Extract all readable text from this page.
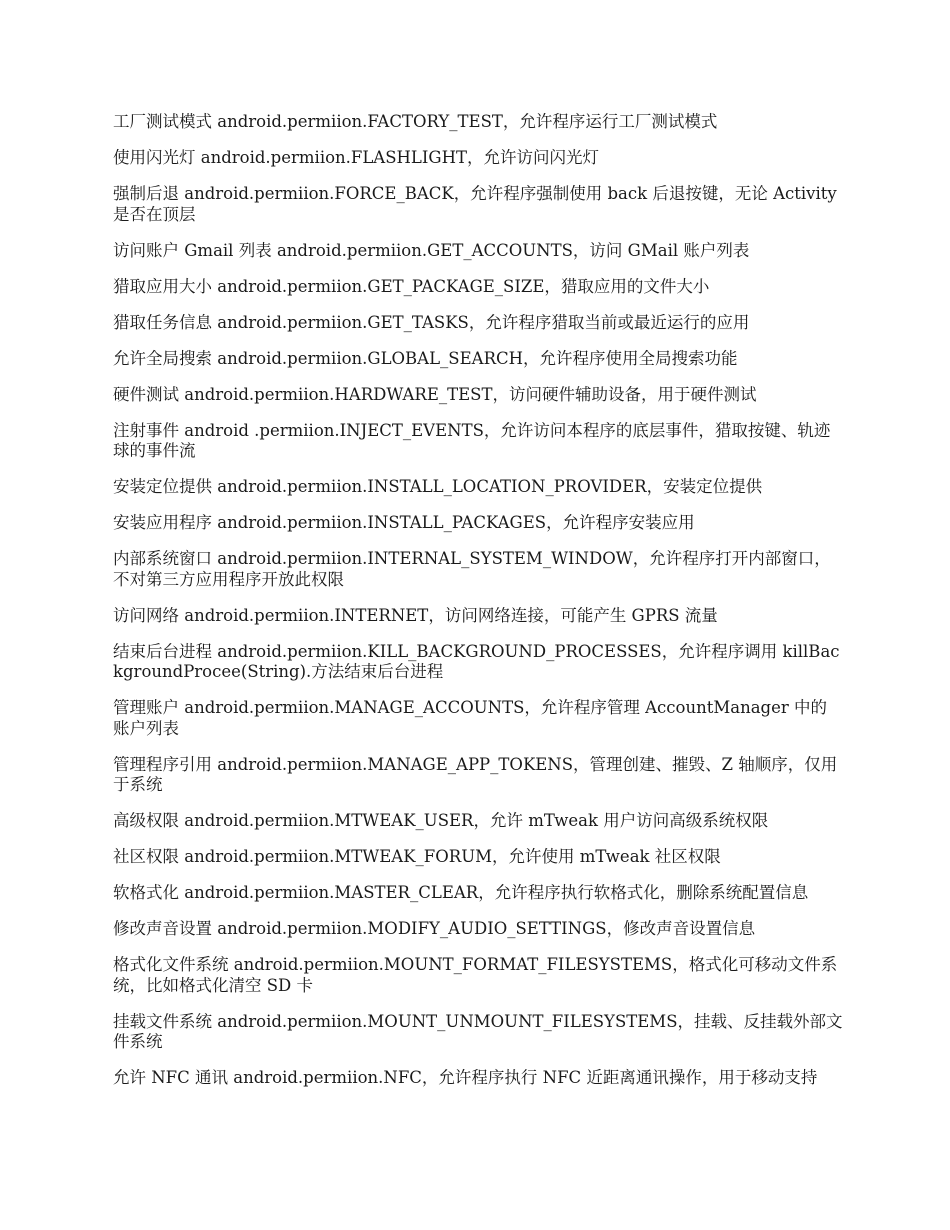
工厂测试模式 android.permiion.FACTORY_TEST，允许程序运行工厂测试模式

使用闪光灯 android.permiion.FLASHLIGHT，允许访问闪光灯

强制后退 android.permiion.FORCE_BACK，允许程序强制使用 back 后退按键，无论 Activity 是否在顶层

访问账户 Gmail 列表 android.permiion.GET_ACCOUNTS，访问 GMail 账户列表

猎取应用大小 android.permiion.GET_PACKAGE_SIZE，猎取应用的文件大小

猎取任务信息 android.permiion.GET_TASKS，允许程序猎取当前或最近运行的应用

允许全局搜索 android.permiion.GLOBAL_SEARCH，允许程序使用全局搜索功能

硬件测试 android.permiion.HARDWARE_TEST，访问硬件辅助设备，用于硬件测试

注射事件 android .permiion.INJECT_EVENTS，允许访问本程序的底层事件，猎取按键、轨迹球的事件流

安装定位提供 android.permiion.INSTALL_LOCATION_PROVIDER，安装定位提供

安装应用程序 android.permiion.INSTALL_PACKAGES，允许程序安装应用

内部系统窗口 android.permiion.INTERNAL_SYSTEM_WINDOW，允许程序打开内部窗口，不对第三方应用程序开放此权限

访问网络 android.permiion.INTERNET，访问网络连接，可能产生 GPRS 流量

结束后台进程 android.permiion.KILL_BACKGROUND_PROCESSES，允许程序调用 killBackgroundProcee(String).方法结束后台进程

管理账户 android.permiion.MANAGE_ACCOUNTS，允许程序管理 AccountManager 中的账户列表

管理程序引用 android.permiion.MANAGE_APP_TOKENS，管理创建、摧毁、Z 轴顺序，仅用于系统

高级权限 android.permiion.MTWEAK_USER，允许 mTweak 用户访问高级系统权限

社区权限 android.permiion.MTWEAK_FORUM，允许使用 mTweak 社区权限

软格式化 android.permiion.MASTER_CLEAR，允许程序执行软格式化，删除系统配置信息

修改声音设置 android.permiion.MODIFY_AUDIO_SETTINGS，修改声音设置信息

格式化文件系统 android.permiion.MOUNT_FORMAT_FILESYSTEMS，格式化可移动文件系统，比如格式化清空 SD 卡

挂载文件系统 android.permiion.MOUNT_UNMOUNT_FILESYSTEMS，挂载、反挂载外部文件系统

允许 NFC 通讯 android.permiion.NFC，允许程序执行 NFC 近距离通讯操作，用于移动支持
